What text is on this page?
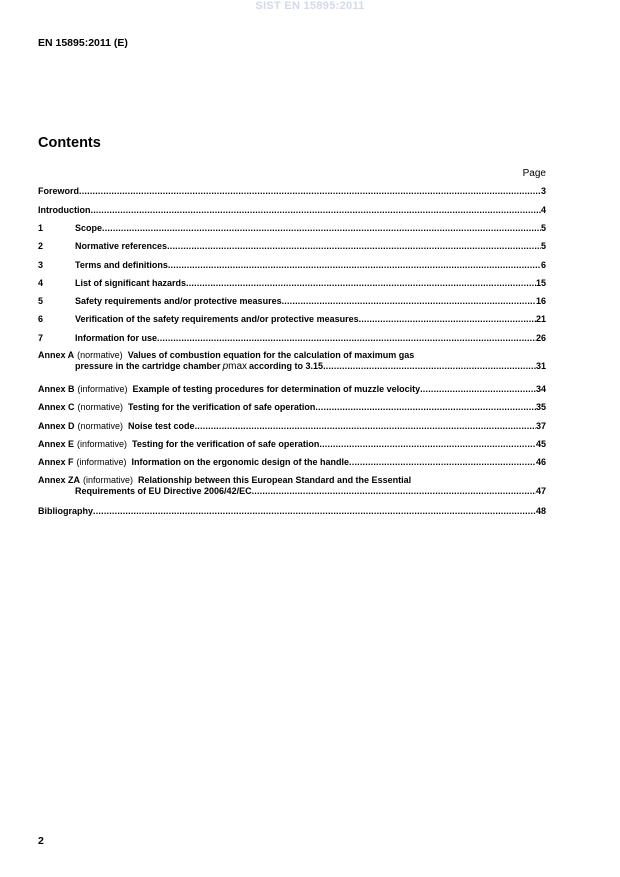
SIST EN 15895:2011
EN 15895:2011 (E)
Contents
Page
Foreword .....	3
Introduction .....	4
1	Scope .....	5
2	Normative references .....	5
3	Terms and definitions .....	6
4	List of significant hazards .....	15
5	Safety requirements and/or protective measures .....	16
6	Verification of the safety requirements and/or protective measures .....	21
7	Information for use .....	26
Annex A (normative) Values of combustion equation for the calculation of maximum gas
pressure in the cartridge chamber p max according to 3.15 .....	31
Annex B (informative) Example of testing procedures for determination of muzzle velocity .....	34
Annex C (normative) Testing for the verification of safe operation .....	35
Annex D (normative) Noise test code .....	37
Annex E (informative) Testing for the verification of safe operation .....	45
Annex F (informative) Information on the ergonomic design of the handle .....	46
Annex ZA (informative) Relationship between this European Standard and the Essential
Requirements of EU Directive 2006/42/EC .....	47
Bibliography .....	48
2
